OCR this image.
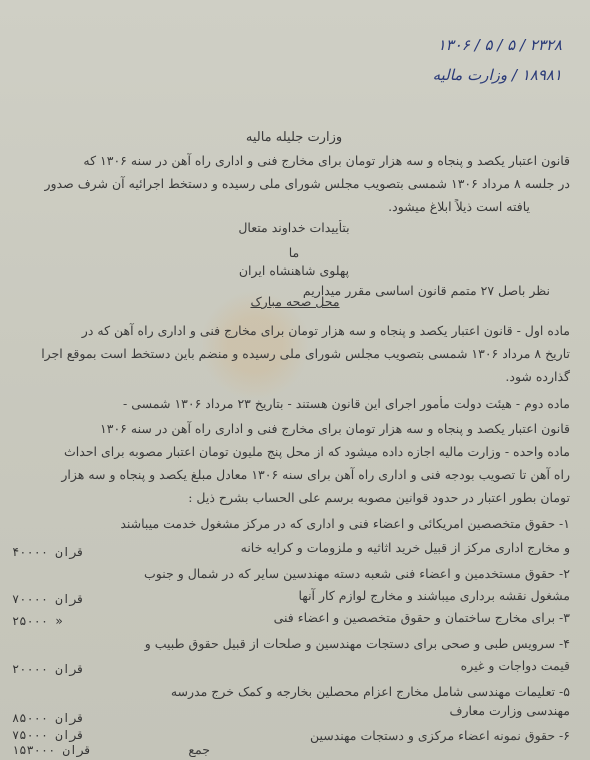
۲۳۲۸ / ۵ / ۵ / ۱۳۰۶
۱۸۹۸۱ / وزارت مالیه
وزارت جلیله مالیه
قانون اعتبار یکصد و پنجاه و سه هزار تومان برای مخارج فنی و اداری راه آهن در سنه ۱۳۰۶ که
در جلسه ۸ مرداد ۱۳۰۶ شمسی بتصویب مجلس شورای ملی رسیده و دستخط اجرائیه آن شرف صدور
یافته است ذیلاً ابلاغ میشود.
بتأییدات خداوند متعال
ما
پهلوی شاهنشاه ایران
نظر باصل ۲۷ متمم قانون اساسی مقرر میداریم
محل صحه مبارک
ماده اول - قانون اعتبار یکصد و پنجاه و سه هزار تومان برای مخارج فنی و اداری راه آهن که در
تاریخ ۸ مرداد ۱۳۰۶ شمسی بتصویب مجلس شورای ملی رسیده و منضم باین دستخط است بموقع اجرا
گذارده شود.
ماده دوم - هیئت دولت مأمور اجرای این قانون هستند - بتاریخ ۲۳ مرداد ۱۳۰۶ شمسی -
قانون اعتبار یکصد و پنجاه و سه هزار تومان برای مخارج فنی و اداری راه آهن در سنه ۱۳۰۶
ماده واحده - وزارت مالیه اجازه داده میشود که از محل پنج ملیون تومان اعتبار مصوبه برای احداث
راه آهن تا تصویب بودجه فنی و اداری راه آهن برای سنه ۱۳۰۶ معادل مبلغ یکصد و پنجاه و سه هزار
تومان بطور اعتبار در حدود قوانین مصوبه برسم علی الحساب بشرح ذیل :
۱- حقوق متخصصین امریکائی و اعضاء فنی و اداری که در مرکز مشغول خدمت میباشند
و مخارج اداری مرکز از قبیل خرید اثاثیه و ملزومات و کرایه خانه
۴۰۰۰۰ قران
۲- حقوق مستخدمین و اعضاء فنی شعبه دسته مهندسین سایر که در شمال و جنوب
مشغول نقشه برداری میباشند و مخارج لوازم کار آنها
۷۰۰۰۰ قران
۳- برای مخارج ساختمان و حقوق متخصصین و اعضاء فنی
۲۵۰۰۰ »
۴- سرویس طبی و صحی برای دستجات مهندسین و صلحات از قبیل حقوق طبیب و
قیمت دواجات و غیره
۲۰۰۰۰ قران
۵- تعلیمات مهندسی شامل مخارج اعزام محصلین بخارجه و کمک خرج مدرسه
مهندسی وزارت معارف
۸۵۰۰۰ قران
۶- حقوق نمونه اعضاء مرکزی و دستجات مهندسین
۷۵۰۰۰ قران
جمع
۱۵۳۰۰۰ قران
